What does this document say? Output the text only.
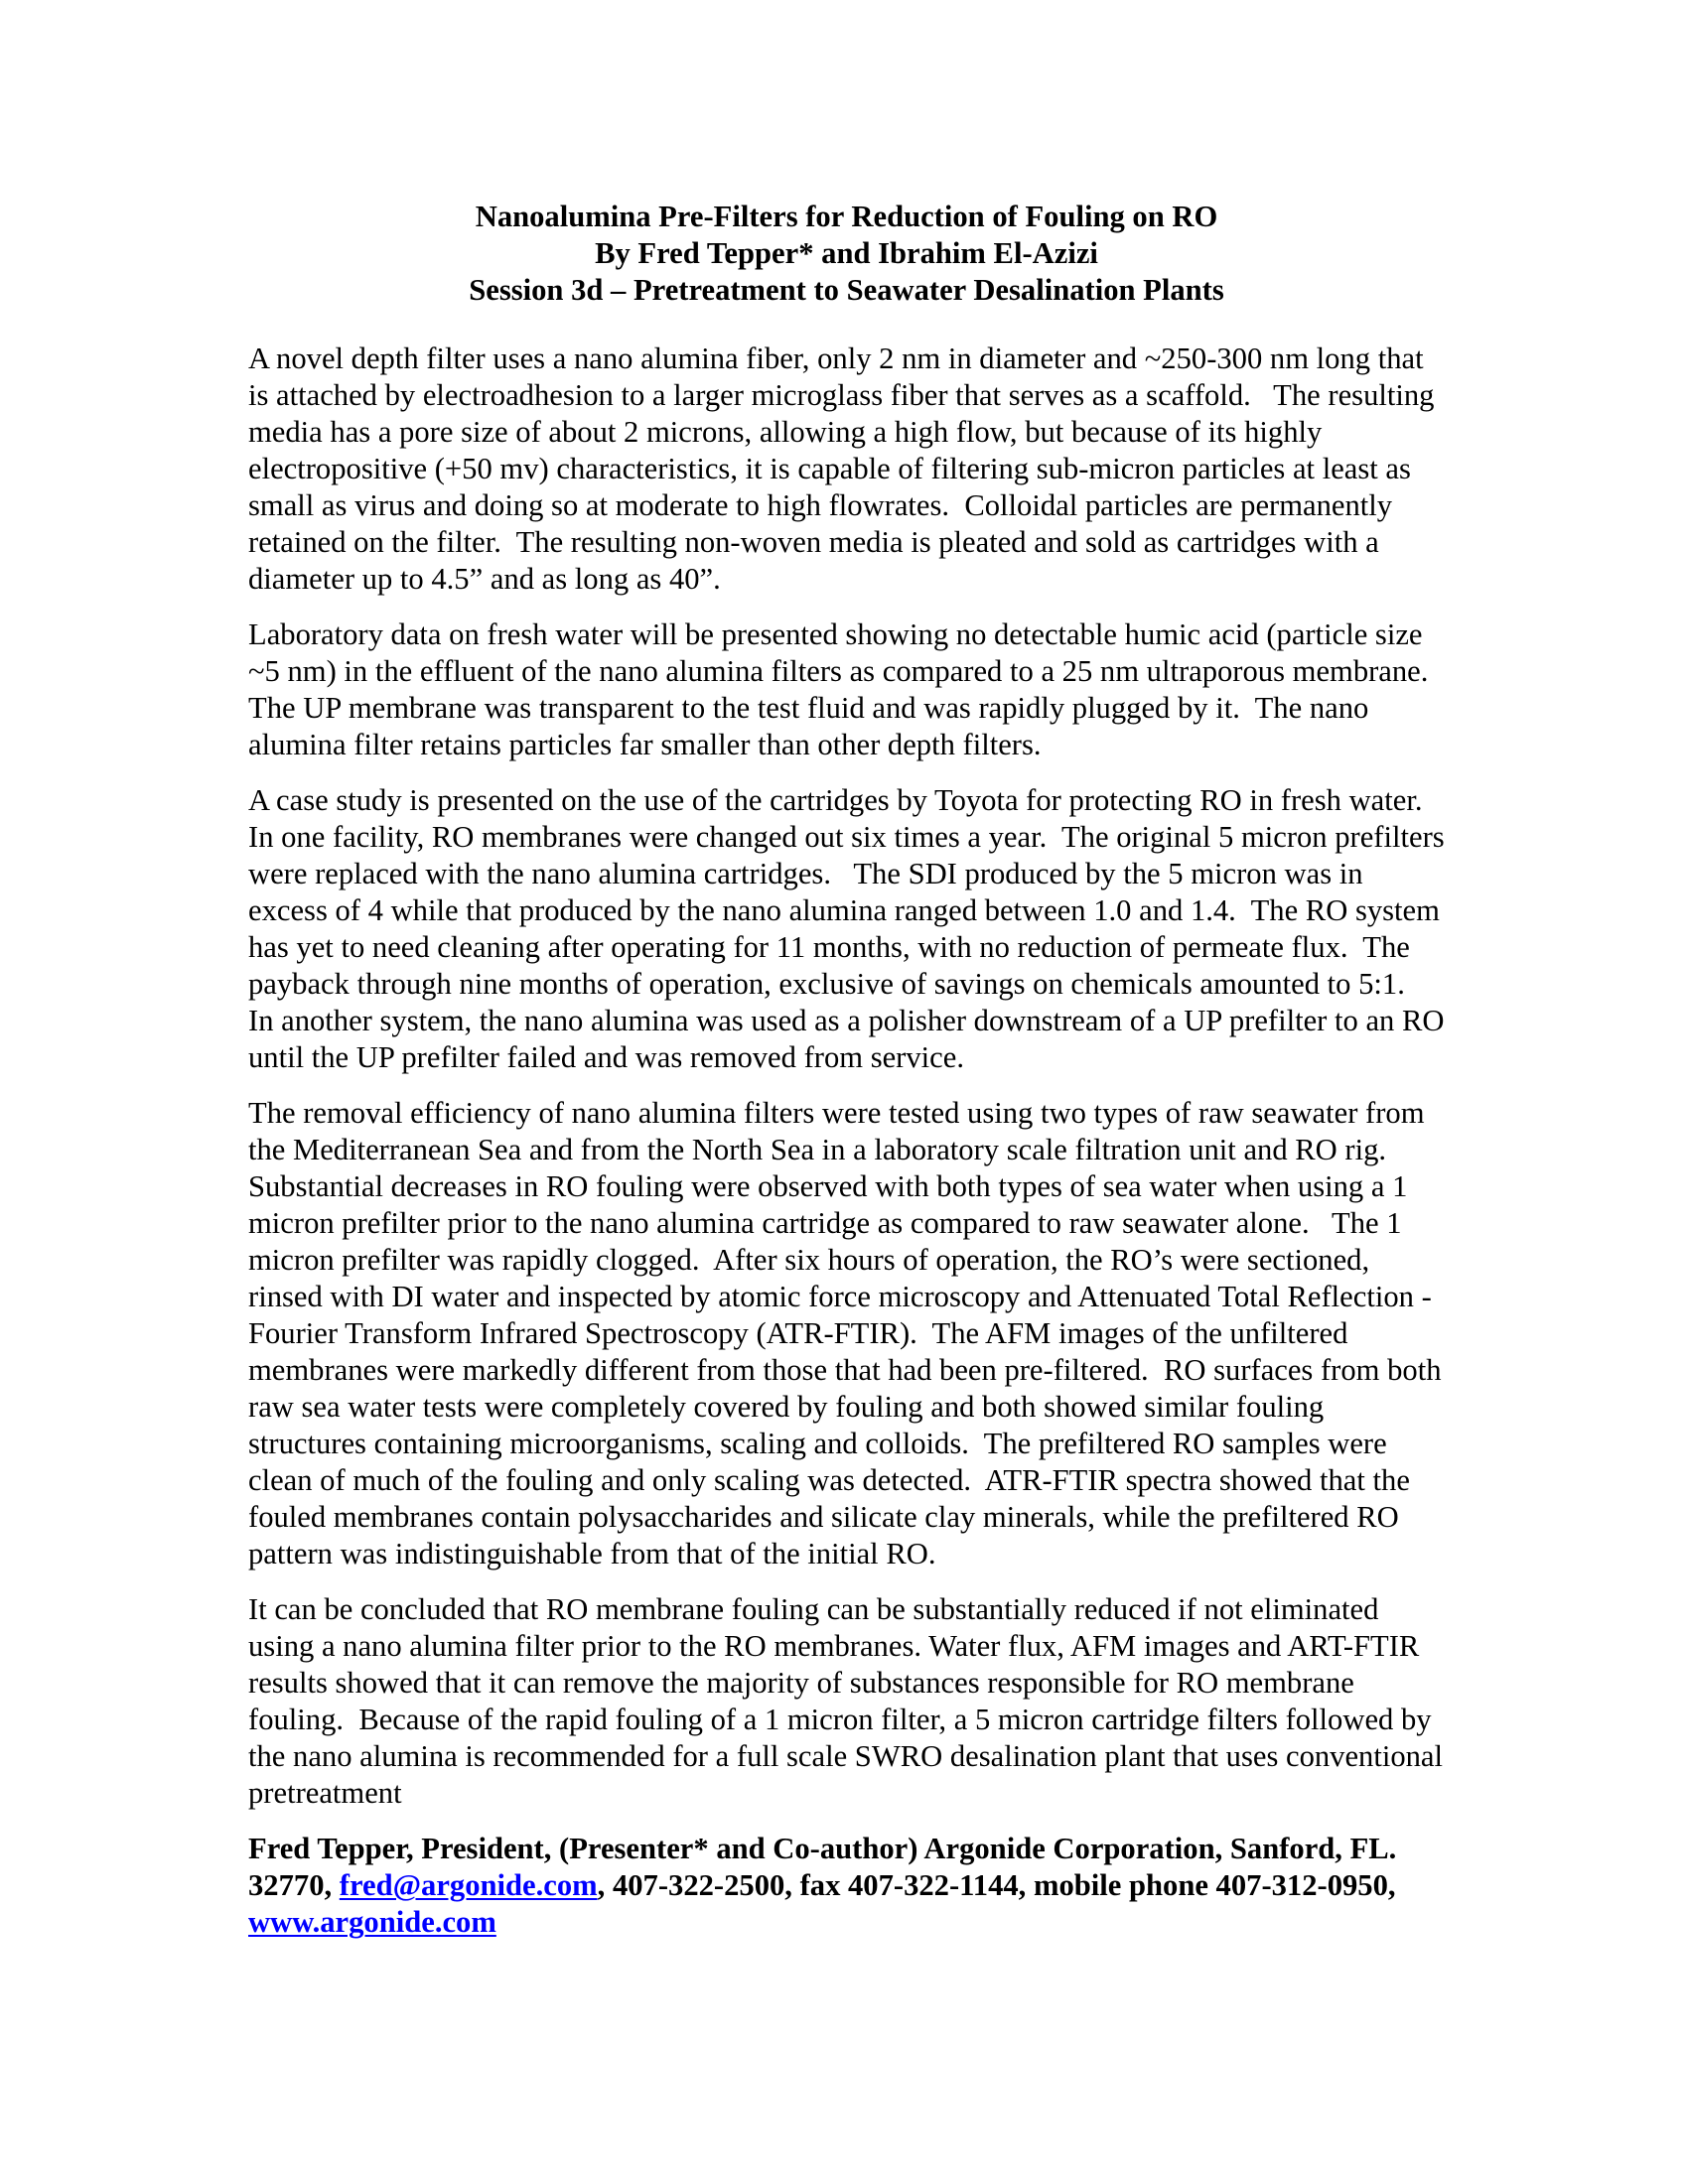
Nanoalumina Pre-Filters for Reduction of Fouling on RO
By Fred Tepper* and Ibrahim El-Azizi
Session 3d – Pretreatment to Seawater Desalination Plants

A novel depth filter uses a nano alumina fiber, only 2 nm in diameter and ~250-300 nm long that is attached by electroadhesion to a larger microglass fiber that serves as a scaffold.   The resulting media has a pore size of about 2 microns, allowing a high flow, but because of its highly electropositive (+50 mv) characteristics, it is capable of filtering sub-micron particles at least as small as virus and doing so at moderate to high flowrates.  Colloidal particles are permanently retained on the filter.  The resulting non-woven media is pleated and sold as cartridges with a diameter up to 4.5” and as long as 40”.

Laboratory data on fresh water will be presented showing no detectable humic acid (particle size ~5 nm) in the effluent of the nano alumina filters as compared to a 25 nm ultraporous membrane.  The UP membrane was transparent to the test fluid and was rapidly plugged by it.  The nano alumina filter retains particles far smaller than other depth filters.

A case study is presented on the use of the cartridges by Toyota for protecting RO in fresh water.  In one facility, RO membranes were changed out six times a year.  The original 5 micron prefilters were replaced with the nano alumina cartridges.   The SDI produced by the 5 micron was in excess of 4 while that produced by the nano alumina ranged between 1.0 and 1.4.  The RO system has yet to need cleaning after operating for 11 months, with no reduction of permeate flux.  The payback through nine months of operation, exclusive of savings on chemicals amounted to 5:1.  In another system, the nano alumina was used as a polisher downstream of a UP prefilter to an RO until the UP prefilter failed and was removed from service.

The removal efficiency of nano alumina filters were tested using two types of raw seawater from the Mediterranean Sea and from the North Sea in a laboratory scale filtration unit and RO rig.  Substantial decreases in RO fouling were observed with both types of sea water when using a 1 micron prefilter prior to the nano alumina cartridge as compared to raw seawater alone.   The 1 micron prefilter was rapidly clogged.  After six hours of operation, the RO’s were sectioned, rinsed with DI water and inspected by atomic force microscopy and Attenuated Total Reflection - Fourier Transform Infrared Spectroscopy (ATR-FTIR).  The AFM images of the unfiltered membranes were markedly different from those that had been pre-filtered.  RO surfaces from both raw sea water tests were completely covered by fouling and both showed similar fouling structures containing microorganisms, scaling and colloids.  The prefiltered RO samples were clean of much of the fouling and only scaling was detected.  ATR-FTIR spectra showed that the fouled membranes contain polysaccharides and silicate clay minerals, while the prefiltered RO pattern was indistinguishable from that of the initial RO.

It can be concluded that RO membrane fouling can be substantially reduced if not eliminated using a nano alumina filter prior to the RO membranes. Water flux, AFM images and ART-FTIR results showed that it can remove the majority of substances responsible for RO membrane fouling.  Because of the rapid fouling of a 1 micron filter, a 5 micron cartridge filters followed by the nano alumina is recommended for a full scale SWRO desalination plant that uses conventional pretreatment

Fred Tepper, President, (Presenter* and Co-author) Argonide Corporation, Sanford, FL. 32770, fred@argonide.com, 407-322-2500, fax 407-322-1144, mobile phone 407-312-0950, www.argonide.com
